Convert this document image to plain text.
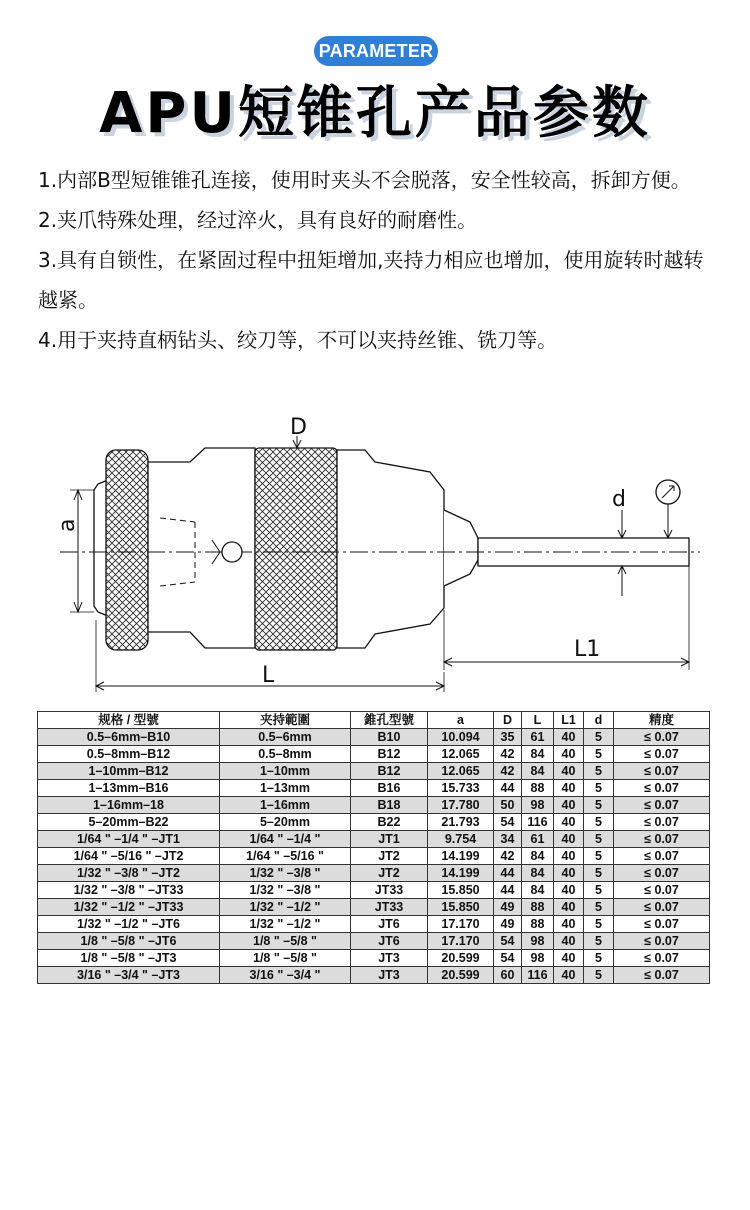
PARAMETER
APU短锥孔产品参数

1.内部B型短锥锥孔连接，使用时夹头不会脱落，安全性较高，拆卸方便。

2.夹爪特殊处理，经过淬火，具有良好的耐磨性。

3.具有自锁性，在紧固过程中扭矩增加,夹持力相应也增加，使用旋转时越转越紧。

4.用于夹持直柄钻头、绞刀等，不可以夹持丝锥、铣刀等。

D
a
d
L1
L
规格 / 型號	夹持範圍	錐孔型號	a	D	L	L1	d	精度
0.5–6mm–B10	0.5–6mm	B10	10.094	35	61	40	5	≤ 0.07
0.5–8mm–B12	0.5–8mm	B12	12.065	42	84	40	5	≤ 0.07
1–10mm–B12	1–10mm	B12	12.065	42	84	40	5	≤ 0.07
1–13mm–B16	1–13mm	B16	15.733	44	88	40	5	≤ 0.07
1–16mm–18	1–16mm	B18	17.780	50	98	40	5	≤ 0.07
5–20mm–B22	5–20mm	B22	21.793	54	116	40	5	≤ 0.07
1/64 " –1/4 " –JT1	1/64 " –1/4 "	JT1	9.754	34	61	40	5	≤ 0.07
1/64 " –5/16 " –JT2	1/64 " –5/16 "	JT2	14.199	42	84	40	5	≤ 0.07
1/32 " –3/8 " –JT2	1/32 " –3/8 "	JT2	14.199	44	84	40	5	≤ 0.07
1/32 " –3/8 " –JT33	1/32 " –3/8 "	JT33	15.850	44	84	40	5	≤ 0.07
1/32 " –1/2 " –JT33	1/32 " –1/2 "	JT33	15.850	49	88	40	5	≤ 0.07
1/32 " –1/2 " –JT6	1/32 " –1/2 "	JT6	17.170	49	88	40	5	≤ 0.07
1/8 " –5/8 " –JT6	1/8 " –5/8 "	JT6	17.170	54	98	40	5	≤ 0.07
1/8 " –5/8 " –JT3	1/8 " –5/8 "	JT3	20.599	54	98	40	5	≤ 0.07
3/16 " –3/4 " –JT3	3/16 " –3/4 "	JT3	20.599	60	116	40	5	≤ 0.07
